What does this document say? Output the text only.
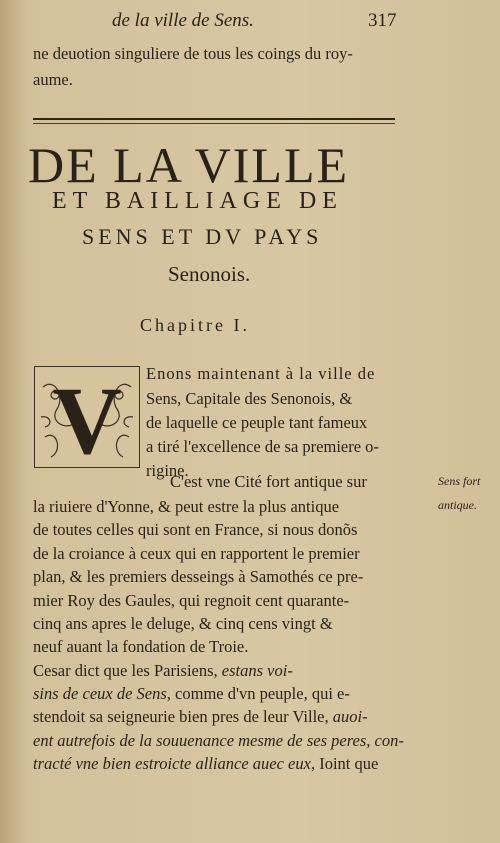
de la ville de Sens.	317
ne deuotion singuliere de tous les coings du roy-
aume.
DE LA VILLE
ET BAILLIAGE DE
SENS ET DV PAYS
Senonois.
Chapitre I.
V Enons maintenant à la ville de
Sens, Capitale des Senonois, &
de laquelle ce peuple tant fameux
a tiré l'excellence de sa premiere o-
rigine.
C'est vne Cité fort antique sur
la riuiere d'Yonne, & peut estre la plus antique
de toutes celles qui sont en France, si nous donõs
de la croiance à ceux qui en rapportent le premier
plan, & les premiers desseings à Samothés ce pre-
mier Roy des Gaules, qui regnoit cent quarante-
cinq ans apres le deluge, & cinq cens vingt &
neuf auant la fondation de Troie.
Cesar dict que les Parisiens, estans voi-
sins de ceux de Sens, comme d'vn peuple, qui e-
stendoit sa seigneurie bien pres de leur Ville, auoi-
ent autrefois de la souuenance mesme de ses peres, con-
tracté vne bien estroicte alliance auec eux, Ioint que
Sens fort
antique.
